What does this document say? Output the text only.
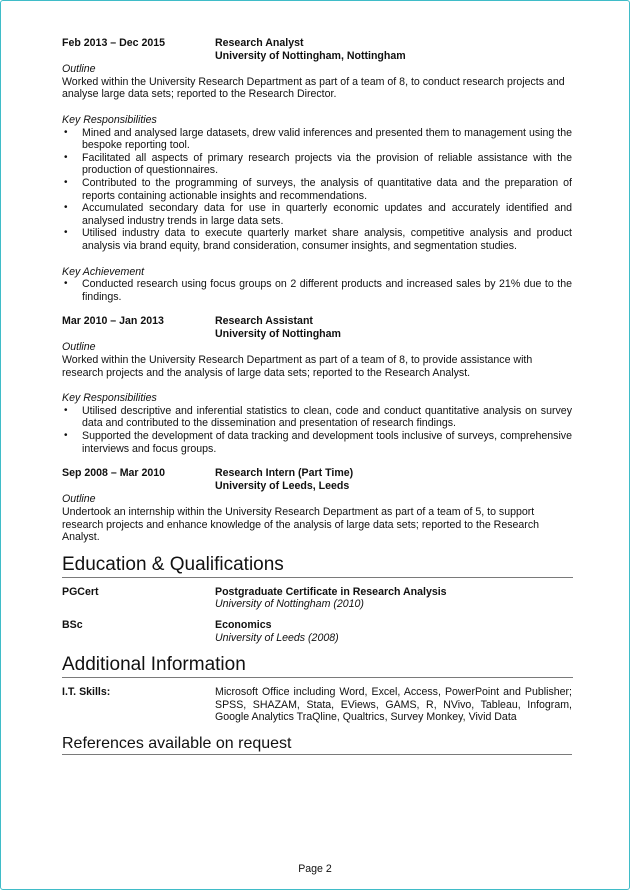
Feb 2013 – Dec 2015	Research Analyst
University of Nottingham, Nottingham
Outline
Worked within the University Research Department as part of a team of 8, to conduct research projects and analyse large data sets; reported to the Research Director.
Key Responsibilities
• Mined and analysed large datasets, drew valid inferences and presented them to management using the bespoke reporting tool.
• Facilitated all aspects of primary research projects via the provision of reliable assistance with the production of questionnaires.
• Contributed to the programming of surveys, the analysis of quantitative data and the preparation of reports containing actionable insights and recommendations.
• Accumulated secondary data for use in quarterly economic updates and accurately identified and analysed industry trends in large data sets.
• Utilised industry data to execute quarterly market share analysis, competitive analysis and product analysis via brand equity, brand consideration, consumer insights, and segmentation studies.
Key Achievement
• Conducted research using focus groups on 2 different products and increased sales by 21% due to the findings.
Mar 2010 – Jan 2013	Research Assistant
University of Nottingham
Outline
Worked within the University Research Department as part of a team of 8, to provide assistance with research projects and the analysis of large data sets; reported to the Research Analyst.
Key Responsibilities
• Utilised descriptive and inferential statistics to clean, code and conduct quantitative analysis on survey data and contributed to the dissemination and presentation of research findings.
• Supported the development of data tracking and development tools inclusive of surveys, comprehensive interviews and focus groups.
Sep 2008 – Mar 2010	Research Intern (Part Time)
University of Leeds, Leeds
Outline
Undertook an internship within the University Research Department as part of a team of 5, to support research projects and enhance knowledge of the analysis of large data sets; reported to the Research Analyst.
Education & Qualifications
PGCert	Postgraduate Certificate in Research Analysis
University of Nottingham (2010)
BSc	Economics
University of Leeds (2008)
Additional Information
I.T. Skills:	Microsoft Office including Word, Excel, Access, PowerPoint and Publisher; SPSS, SHAZAM, Stata, EViews, GAMS, R, NVivo, Tableau, Infogram, Google Analytics TraQline, Qualtrics, Survey Monkey, Vivid Data
References available on request
Page 2
